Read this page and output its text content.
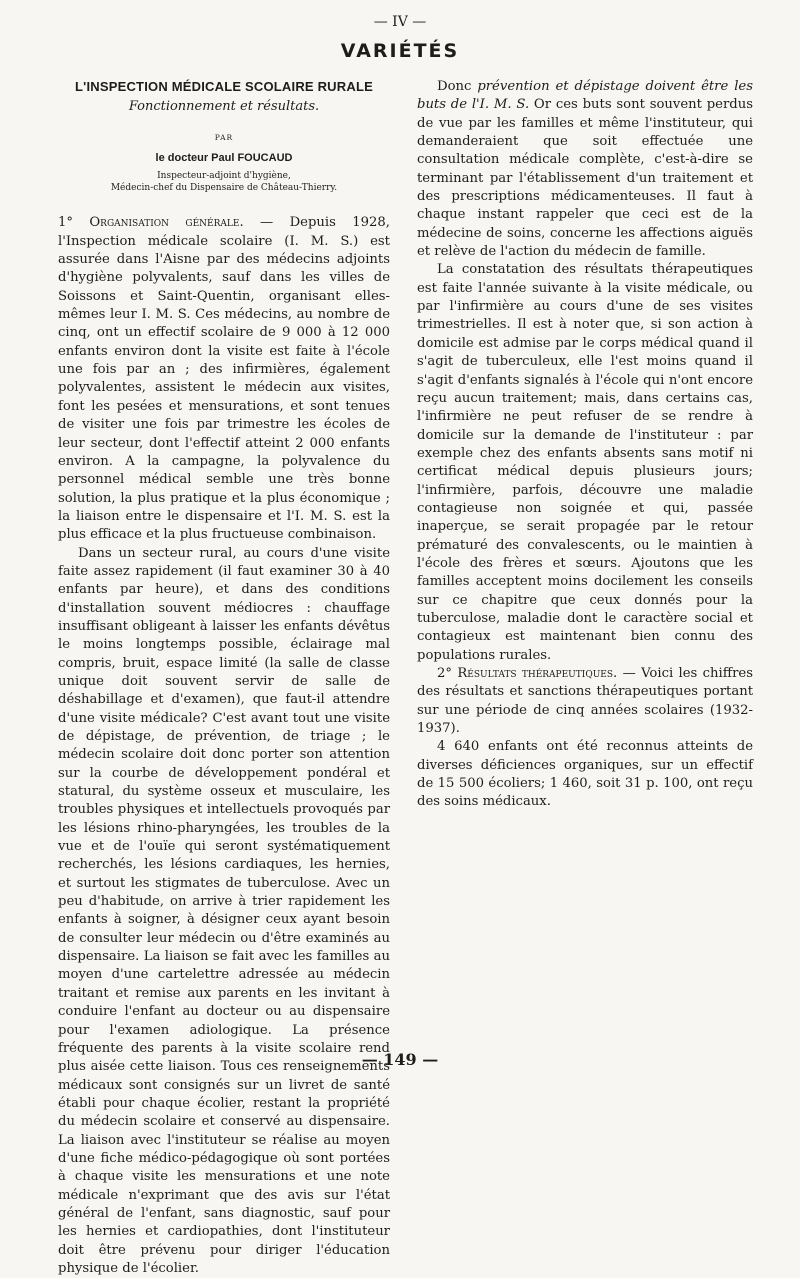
— IV —
VARIÉTÉS
L'INSPECTION MÉDICALE SCOLAIRE RURALE
Fonctionnement et résultats.
PAR
le docteur Paul FOUCAUD
Inspecteur-adjoint d'hygiène,
Médecin-chef du Dispensaire de Château-Thierry.

1° Organisation générale. — Depuis 1928, l'Inspection médicale scolaire (I. M. S.) est assurée dans l'Aisne par des médecins adjoints d'hygiène polyvalents, sauf dans les villes de Soissons et Saint-Quentin, organisant elles-mêmes leur I. M. S. Ces médecins, au nombre de cinq, ont un effectif scolaire de 9 000 à 12 000 enfants environ dont la visite est faite à l'école une fois par an ; des infirmières, également polyvalentes, assistent le médecin aux visites, font les pesées et mensurations, et sont tenues de visiter une fois par trimestre les écoles de leur secteur, dont l'effectif atteint 2 000 enfants environ. A la campagne, la polyvalence du personnel médical semble une très bonne solution, la plus pratique et la plus économique ; la liaison entre le dispensaire et l'I. M. S. est la plus efficace et la plus fructueuse combinaison.

Dans un secteur rural, au cours d'une visite faite assez rapidement (il faut examiner 30 à 40 enfants par heure), et dans des conditions d'installation souvent médiocres : chauffage insuffisant obligeant à laisser les enfants dévêtus le moins longtemps possible, éclairage mal compris, bruit, espace limité (la salle de classe unique doit souvent servir de salle de déshabillage et d'examen), que faut-il attendre d'une visite médicale? C'est avant tout une visite de dépistage, de prévention, de triage ; le médecin scolaire doit donc porter son attention sur la courbe de développement pondéral et statural, du système osseux et musculaire, les troubles physiques et intellectuels provoqués par les lésions rhino-pharyngées, les troubles de la vue et de l'ouïe qui seront systématiquement recherchés, les lésions cardiaques, les hernies, et surtout les stigmates de tuberculose. Avec un peu d'habitude, on arrive à trier rapidement les enfants à soigner, à désigner ceux ayant besoin de consulter leur médecin ou d'être examinés au dispensaire. La liaison se fait avec les familles au moyen d'une cartelettre adressée au médecin traitant et remise aux parents en les invitant à conduire l'enfant au docteur ou au dispensaire pour l'examen adiologique. La présence fréquente des parents à la visite scolaire rend plus aisée cette liaison. Tous ces renseignements médicaux sont consignés sur un livret de santé établi pour chaque écolier, restant la propriété du médecin scolaire et conservé au dispensaire. La liaison avec l'instituteur se réalise au moyen d'une fiche médico-pédagogique où sont portées à chaque visite les mensurations et une note médicale n'exprimant que des avis sur l'état général de l'enfant, sans diagnostic, sauf pour les hernies et cardiopathies, dont l'instituteur doit être prévenu pour diriger l'éducation physique de l'écolier.

Donc prévention et dépistage doivent être les buts de l'I. M. S. Or ces buts sont souvent perdus de vue par les familles et même l'instituteur, qui demanderaient que soit effectuée une consultation médicale complète, c'est-à-dire se terminant par l'établissement d'un traitement et des prescriptions médicamenteuses. Il faut à chaque instant rappeler que ceci est de la médecine de soins, concerne les affections aiguës et relève de l'action du médecin de famille.

La constatation des résultats thérapeutiques est faite l'année suivante à la visite médicale, ou par l'infirmière au cours d'une de ses visites trimestrielles. Il est à noter que, si son action à domicile est admise par le corps médical quand il s'agit de tuberculeux, elle l'est moins quand il s'agit d'enfants signalés à l'école qui n'ont encore reçu aucun traitement; mais, dans certains cas, l'infirmière ne peut refuser de se rendre à domicile sur la demande de l'instituteur : par exemple chez des enfants absents sans motif ni certificat médical depuis plusieurs jours; l'infirmière, parfois, découvre une maladie contagieuse non soignée et qui, passée inaperçue, se serait propagée par le retour prématuré des convalescents, ou le maintien à l'école des frères et sœurs. Ajoutons que les familles acceptent moins docilement les conseils sur ce chapitre que ceux donnés pour la tuberculose, maladie dont le caractère social et contagieux est maintenant bien connu des populations rurales.

2° Résultats thérapeutiques. — Voici les chiffres des résultats et sanctions thérapeutiques portant sur une période de cinq années scolaires (1932-1937).

4 640 enfants ont été reconnus atteints de diverses déficiences organiques, sur un effectif de 15 500 écoliers; 1 460, soit 31 p. 100, ont reçu des soins médicaux.

— 149 —
